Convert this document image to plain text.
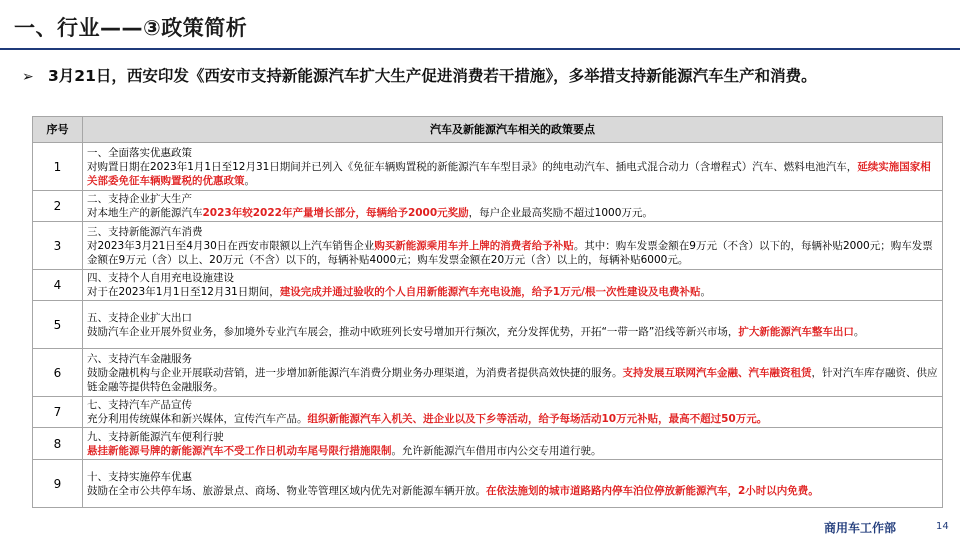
一、行业——③政策简析
➢ 3月21日，西安印发《西安市支持新能源汽车扩大生产促进消费若干措施》，多举措支持新能源汽车生产和消费。
序号	汽车及新能源汽车相关的政策要点
1	一、全面落实优惠政策
对购置日期在2023年1月1日至12月31日期间并已列入《免征车辆购置税的新能源汽车车型目录》的纯电动汽车、插电式混合动力（含增程式）汽车、燃料电池汽车，延续实施国家相关部委免征车辆购置税的优惠政策。

2	二、支持企业扩大生产
对本地生产的新能源汽车2023年较2022年产量增长部分，每辆给予2000元奖励，每户企业最高奖励不超过1000万元。

3	三、支持新能源汽车消费
对2023年3月21日至4月30日在西安市限额以上汽车销售企业购买新能源乘用车并上牌的消费者给予补贴。其中：购车发票金额在9万元（不含）以下的，每辆补贴2000元；购车发票金额在9万元（含）以上、20万元（不含）以下的，每辆补贴4000元；购车发票金额在20万元（含）以上的，每辆补贴6000元。

4	四、支持个人自用充电设施建设
对于在2023年1月1日至12月31日期间，建设完成并通过验收的个人自用新能源汽车充电设施，给予1万元/根一次性建设及电费补贴。

5	五、支持企业扩大出口
鼓励汽车企业开展外贸业务，参加境外专业汽车展会，推动中欧班列长安号增加开行频次，充分发挥优势，开拓“一带一路”沿线等新兴市场，扩大新能源汽车整车出口。

6	六、支持汽车金融服务
鼓励金融机构与企业开展联动营销，进一步增加新能源汽车消费分期业务办理渠道，为消费者提供高效快捷的服务。支持发展互联网汽车金融、汽车融资租赁，针对汽车库存融资、供应链金融等提供特色金融服务。

7	七、支持汽车产品宣传
充分利用传统媒体和新兴媒体，宣传汽车产品。组织新能源汽车入机关、进企业以及下乡等活动，给予每场活动10万元补贴，最高不超过50万元。

8	九、支持新能源汽车便利行驶
悬挂新能源号牌的新能源汽车不受工作日机动车尾号限行措施限制。允许新能源汽车借用市内公交专用道行驶。

9	十、支持实施停车优惠
鼓励在全市公共停车场、旅游景点、商场、物业等管理区域内优先对新能源车辆开放。在依法施划的城市道路路内停车泊位停放新能源汽车，2小时以内免费。
商用车工作部	14
